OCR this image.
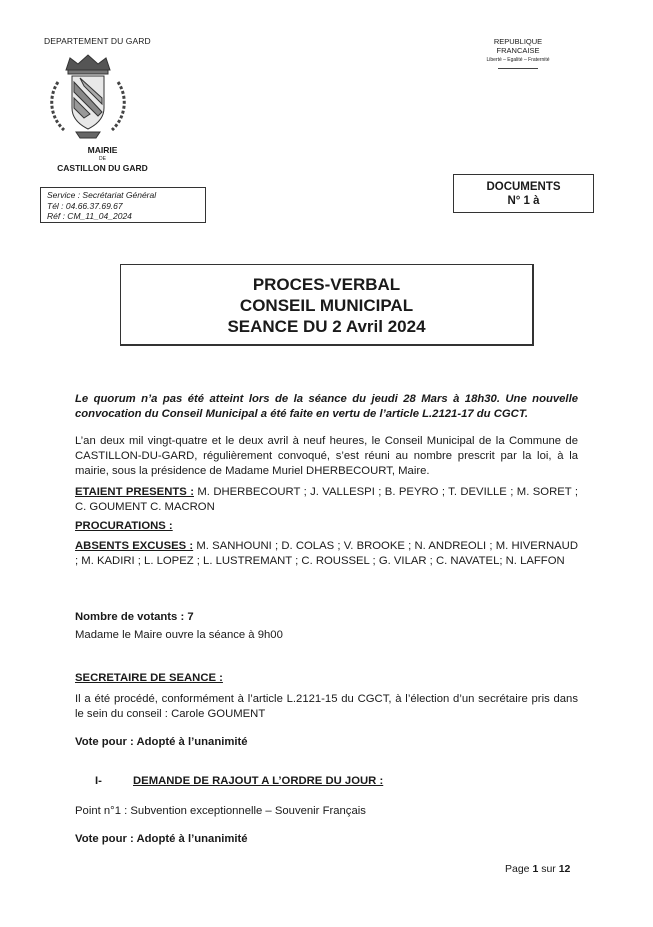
DEPARTEMENT DU GARD	REPUBLIQUE FRANCAISE
Liberté – Egalité – Fraternité
MAIRIE
DE
CASTILLON DU GARD
Service : Secrétariat Général
Tél : 04.66.37.69.67
Réf : CM_11_04_2024
DOCUMENTS
N° 1 à
PROCES-VERBAL
CONSEIL MUNICIPAL
SEANCE DU 2 Avril 2024
Le quorum n’a pas été atteint lors de la séance du jeudi 28 Mars à 18h30. Une nouvelle convocation du Conseil Municipal a été faite en vertu de l’article L.2121-17 du CGCT.
L’an deux mil vingt-quatre et le deux avril à neuf heures, le Conseil Municipal de la Commune de CASTILLON-DU-GARD, régulièrement convoqué, s’est réuni au nombre prescrit par la loi, à la mairie, sous la présidence de Madame Muriel DHERBECOURT, Maire.
ETAIENT PRESENTS : M. DHERBECOURT ; J. VALLESPI ; B. PEYRO ; T. DEVILLE ; M. SORET ; C. GOUMENT C. MACRON
PROCURATIONS :
ABSENTS EXCUSES : M. SANHOUNI ; D. COLAS ; V. BROOKE ; N. ANDREOLI ; M. HIVERNAUD ; M. KADIRI ; L. LOPEZ ; L. LUSTREMANT ; C. ROUSSEL ; G. VILAR ; C. NAVATEL; N. LAFFON
Nombre de votants : 7
Madame le Maire ouvre la séance à 9h00
SECRETAIRE DE SEANCE :
Il a été procédé, conformément à l’article L.2121-15 du CGCT, à l’élection d’un secrétaire pris dans le sein du conseil : Carole GOUMENT
Vote pour : Adopté à l’unanimité
I-	DEMANDE DE RAJOUT A L’ORDRE DU JOUR :
Point n°1 : Subvention exceptionnelle – Souvenir Français
Vote pour : Adopté à l’unanimité
Page 1 sur 12
